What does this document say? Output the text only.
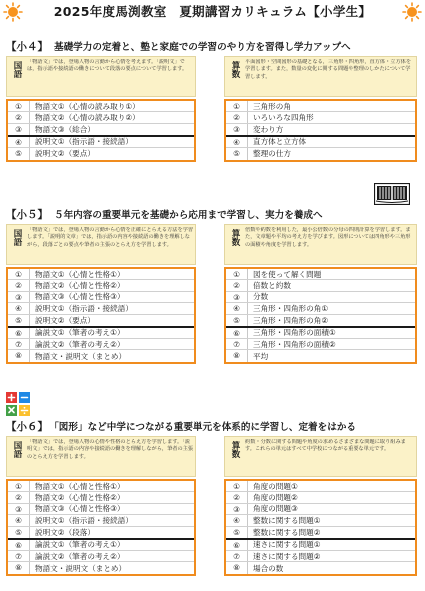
2025年度馬渕教室　夏期講習カリキュラム【小学生】
【小４】 基礎学力の定着と、塾と家庭での学習のやり方を習得し学力アップへ
国語 「物語文」では，登場人物の言動から心情を考えます。「説明文」では，指示語や接続語の働きについて段落の要点について学習します。	算数 平面図形・空間図形の基礎となる，三角形・四角形，直方体・立方体を学習します。また，数量の変化に関する問題や整理のしかたについて学習します。
①	物語文①（心情の読み取り①）
②	物語文②（心情の読み取り②）
③	物語文③（総合）
④	説明文①（指示語・接続語）
⑤	説明文②（要点）
①	三角形の角
②	いろいろな四角形
③	変わり方
④	直方体と立方体
⑤	整理の仕方
【小５】 ５年内容の重要単元を基礎から応用まで学習し、実力を養成へ
国語 「物語文」では，登場人物の言動から心情を正確にとらえる方法を学習します。「説明的文章」では，指示語の内容や接続語の働きを理解しながら，段落ごとの要点や筆者の主張のとらえ方を学習します。	算数 倍数や約数を利用した，最小公倍数の分母の四則計算を学習します。また，文章題や平均の考え方を学びます。図形については四角形や三角形の面積や角度を学習します。
①	物語文①（心情と性格①）
②	物語文②（心情と性格②）
③	物語文③（心情と性格③）
④	説明文①（指示語・接続語）
⑤	説明文②（要点）
⑥	論説文①（筆者の考え①）
⑦	論説文②（筆者の考え②）
⑧	物語文・説明文（まとめ）
①	図を使って解く問題
②	倍数と約数
③	分数
④	三角形・四角形の角①
⑤	三角形・四角形の角②
⑥	三角形・四角形の面積①
⑦	三角形・四角形の面積②
⑧	平均
【小６】 「図形」など中学につながる重要単元を体系的に学習し、定着をはかる
国語 「物語文」では，登場人物の心情や性格のとらえ方を学習します。「説明文」では，指示語の内容や接続語の働きを理解しながら，筆者の主張のとらえ方を学習します。	算数 約数・分数に関する問題や角度の求めるさまざまな問題に取り組みます。これらの単元はすべて中学校につながる重要な単元です。
①	物語文①（心情と性格①）
②	物語文②（心情と性格②）
③	物語文③（心情と性格③）
④	説明文①（指示語・接続語）
⑤	説明文②（段落）
⑥	論説文①（筆者の考え①）
⑦	論説文②（筆者の考え②）
⑧	物語文・説明文（まとめ）
①	角度の問題①
②	角度の問題②
③	角度の問題③
④	整数に関する問題①
⑤	整数に関する問題②
⑥	速さに関する問題①
⑦	速さに関する問題②
⑧	場合の数
